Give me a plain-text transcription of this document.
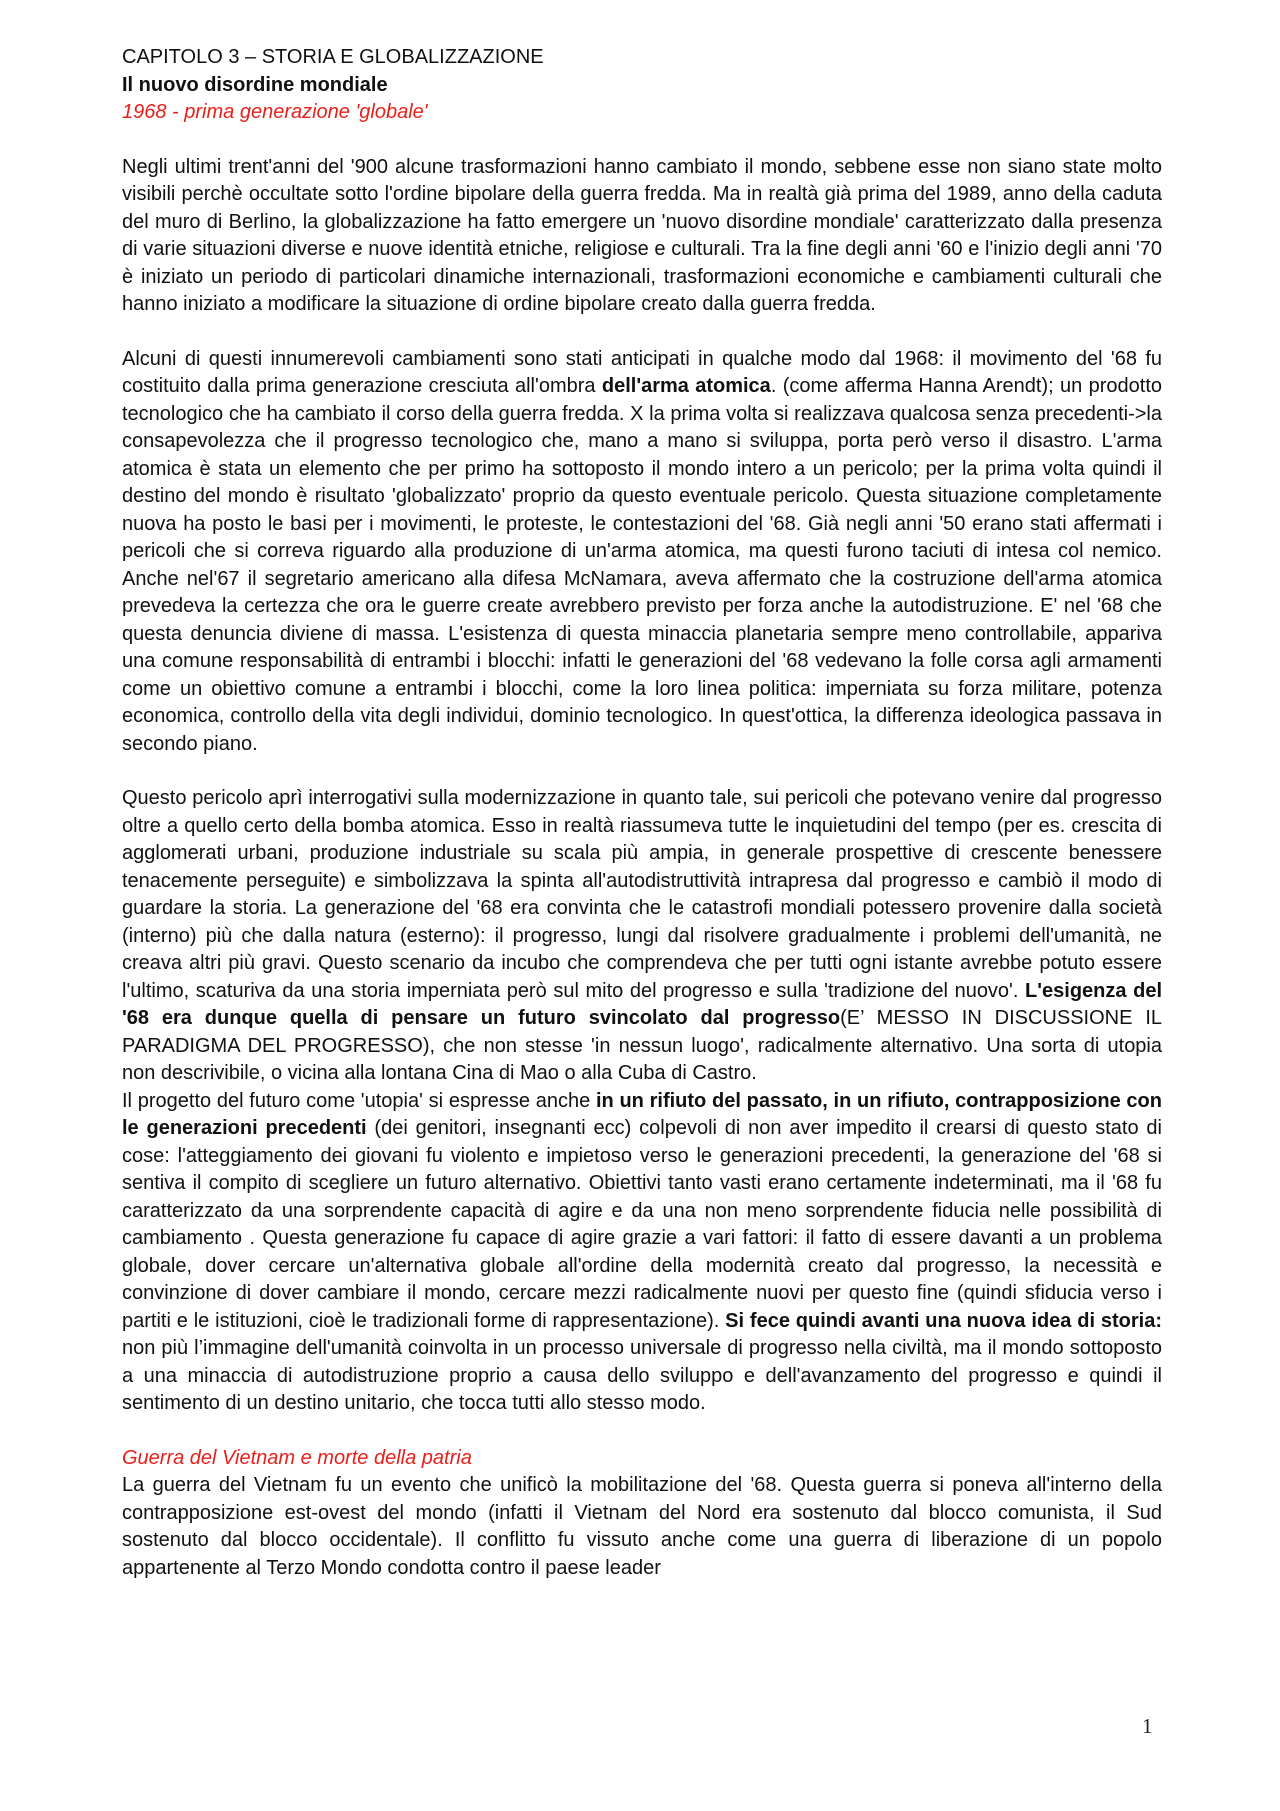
CAPITOLO 3 – STORIA E GLOBALIZZAZIONE
Il nuovo disordine mondiale
1968 - prima generazione 'globale'

Negli ultimi trent'anni del '900 alcune trasformazioni hanno cambiato il mondo, sebbene esse non siano state molto visibili perchè occultate sotto l'ordine bipolare della guerra fredda. Ma in realtà già prima del 1989, anno della caduta del muro di Berlino, la globalizzazione ha fatto emergere un 'nuovo disordine mondiale' caratterizzato dalla presenza di varie situazioni diverse e nuove identità etniche, religiose e culturali. Tra la fine degli anni '60 e l'inizio degli anni '70 è iniziato un periodo di particolari dinamiche internazionali, trasformazioni economiche e cambiamenti culturali che hanno iniziato a modificare la situazione di ordine bipolare creato dalla guerra fredda.

Alcuni di questi innumerevoli cambiamenti sono stati anticipati in qualche modo dal 1968: il movimento del '68 fu costituito dalla prima generazione cresciuta all'ombra dell'arma atomica. (come afferma Hanna Arendt); un prodotto tecnologico che ha cambiato il corso della guerra fredda. X la prima volta si realizzava qualcosa senza precedenti->la consapevolezza che il progresso tecnologico che, mano a mano si sviluppa, porta però verso il disastro. L'arma atomica è stata un elemento che per primo ha sottoposto il mondo intero a un pericolo; per la prima volta quindi il destino del mondo è risultato 'globalizzato' proprio da questo eventuale pericolo. Questa situazione completamente nuova ha posto le basi per i movimenti, le proteste, le contestazioni del '68. Già negli anni '50 erano stati affermati i pericoli che si correva riguardo alla produzione di un'arma atomica, ma questi furono taciuti di intesa col nemico. Anche nel'67 il segretario americano alla difesa McNamara, aveva affermato che la costruzione dell'arma atomica prevedeva la certezza che ora le guerre create avrebbero previsto per forza anche la autodistruzione. E' nel '68 che questa denuncia diviene di massa. L'esistenza di questa minaccia planetaria sempre meno controllabile, appariva una comune responsabilità di entrambi i blocchi: infatti le generazioni del '68 vedevano la folle corsa agli armamenti come un obiettivo comune a entrambi i blocchi, come la loro linea politica: imperniata su forza militare, potenza economica, controllo della vita degli individui, dominio tecnologico. In quest'ottica, la differenza ideologica passava in secondo piano.

Questo pericolo aprì interrogativi sulla modernizzazione in quanto tale, sui pericoli che potevano venire dal progresso oltre a quello certo della bomba atomica. Esso in realtà riassumeva tutte le inquietudini del tempo (per es. crescita di agglomerati urbani, produzione industriale su scala più ampia, in generale prospettive di crescente benessere tenacemente perseguite) e simbolizzava la spinta all'autodistruttività intrapresa dal progresso e cambiò il modo di guardare la storia. La generazione del '68 era convinta che le catastrofi mondiali potessero provenire dalla società (interno) più che dalla natura (esterno): il progresso, lungi dal risolvere gradualmente i problemi dell'umanità, ne creava altri più gravi. Questo scenario da incubo che comprendeva che per tutti ogni istante avrebbe potuto essere l'ultimo, scaturiva da una storia imperniata però sul mito del progresso e sulla 'tradizione del nuovo'. L'esigenza del '68 era dunque quella di pensare un futuro svincolato dal progresso(E’ MESSO IN DISCUSSIONE IL PARADIGMA DEL PROGRESSO), che non stesse 'in nessun luogo', radicalmente alternativo. Una sorta di utopia non descrivibile, o vicina alla lontana Cina di Mao o alla Cuba di Castro.

Il progetto del futuro come 'utopia' si espresse anche in un rifiuto del passato, in un rifiuto, contrapposizione con le generazioni precedenti (dei genitori, insegnanti ecc) colpevoli di non aver impedito il crearsi di questo stato di cose: l'atteggiamento dei giovani fu violento e impietoso verso le generazioni precedenti, la generazione del '68 si sentiva il compito di scegliere un futuro alternativo. Obiettivi tanto vasti erano certamente indeterminati, ma il '68 fu caratterizzato da una sorprendente capacità di agire e da una non meno sorprendente fiducia nelle possibilità di cambiamento . Questa generazione fu capace di agire grazie a vari fattori: il fatto di essere davanti a un problema globale, dover cercare un'alternativa globale all'ordine della modernità creato dal progresso, la necessità e convinzione di dover cambiare il mondo, cercare mezzi radicalmente nuovi per questo fine (quindi sfiducia verso i partiti e le istituzioni, cioè le tradizionali forme di rappresentazione). Si fece quindi avanti una nuova idea di storia: non più l’immagine dell'umanità coinvolta in un processo universale di progresso nella civiltà, ma il mondo sottoposto a una minaccia di autodistruzione proprio a causa dello sviluppo e dell'avanzamento del progresso e quindi il sentimento di un destino unitario, che tocca tutti allo stesso modo.

Guerra del Vietnam e morte della patria

La guerra del Vietnam fu un evento che unificò la mobilitazione del '68. Questa guerra si poneva all'interno della contrapposizione est-ovest del mondo (infatti il Vietnam del Nord era sostenuto dal blocco comunista, il Sud sostenuto dal blocco occidentale). Il conflitto fu vissuto anche come una guerra di liberazione di un popolo appartenente al Terzo Mondo condotta contro il paese leader

1
